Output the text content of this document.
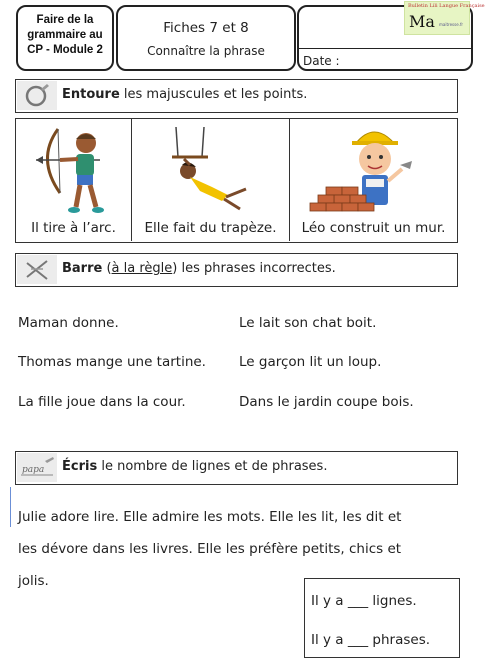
Faire de la
grammaire au
CP - Module 2
Fiches 7 et 8
Connaître la phrase
Date :
Bulletin Lili Langue Française
Ma maitresse.fr
Entoure les majuscules et les points.
Il tire à l’arc.	Elle fait du trapèze.	Léo construit un mur.
Barre (à la règle) les phrases incorrectes.
Maman donne.
Thomas mange une tartine.
La fille joue dans la cour.
Le lait son chat boit.
Le garçon lit un loup.
Dans le jardin coupe bois.
papa Écris le nombre de lignes et de phrases.
Julie adore lire. Elle admire les mots. Elle les lit, les dit et
les dévore dans les livres. Elle les préfère petits, chics et
jolis.
Il y a ___ lignes.
Il y a ___ phrases.
